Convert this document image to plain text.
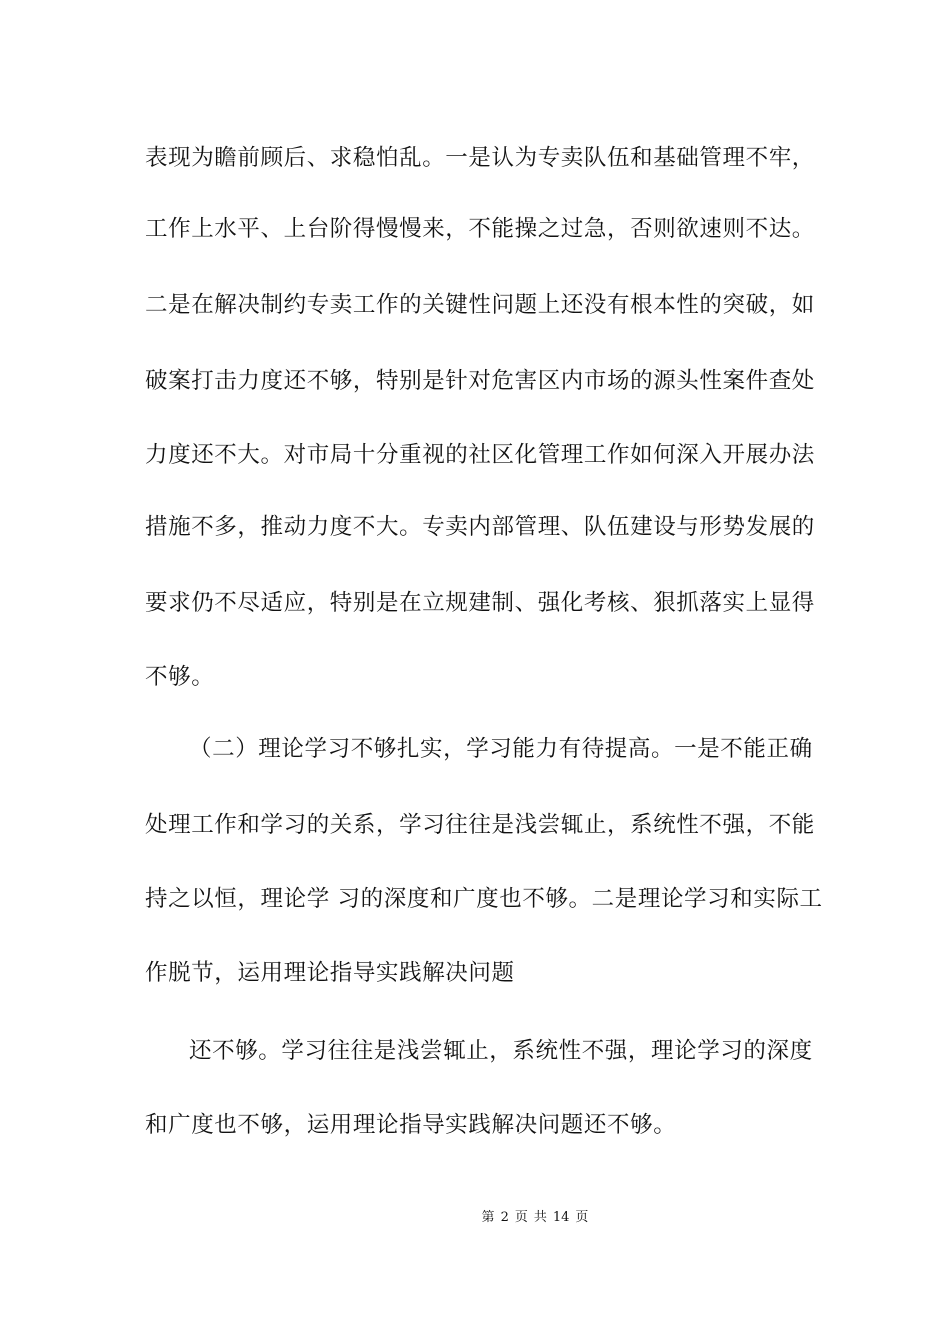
表现为瞻前顾后、求稳怕乱。一是认为专卖队伍和基础管理不牢，
工作上水平、上台阶得慢慢来，不能操之过急，否则欲速则不达。
二是在解决制约专卖工作的关键性问题上还没有根本性的突破，如
破案打击力度还不够，特别是针对危害区内市场的源头性案件查处
力度还不大。对市局十分重视的社区化管理工作如何深入开展办法
措施不多，推动力度不大。专卖内部管理、队伍建设与形势发展的
要求仍不尽适应，特别是在立规建制、强化考核、狠抓落实上显得
不够。
（二）理论学习不够扎实，学习能力有待提高。一是不能正确
处理工作和学习的关系，学习往往是浅尝辄止，系统性不强，不能
持之以恒，理论学 习的深度和广度也不够。二是理论学习和实际工
作脱节，运用理论指导实践解决问题
还不够。学习往往是浅尝辄止，系统性不强，理论学习的深度
和广度也不够，运用理论指导实践解决问题还不够。
第 2 页 共 14 页
